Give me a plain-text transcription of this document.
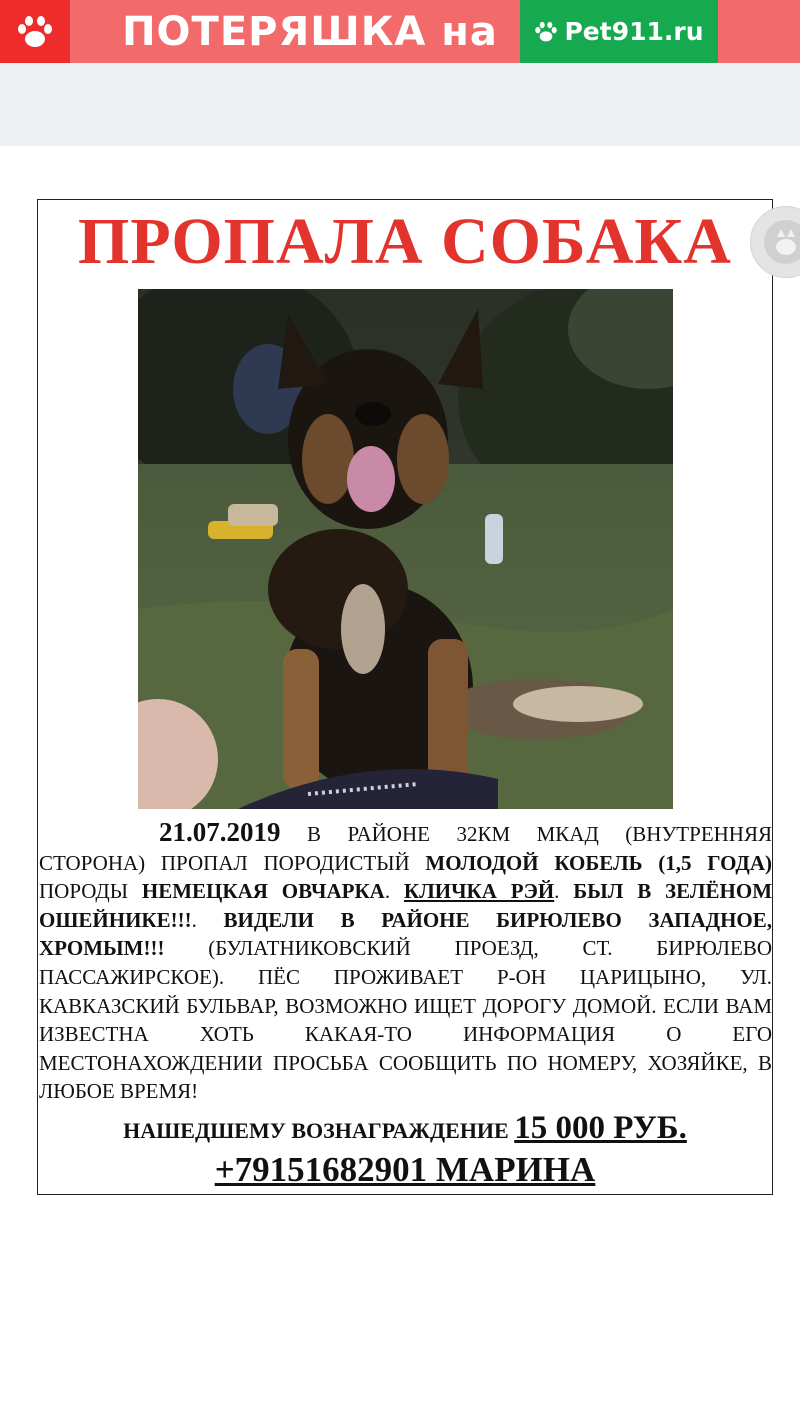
ПОТЕРЯШКА на	Pet911.ru
ПРОПАЛА СОБАКА

21.07.2019 В РАЙОНЕ 32КМ МКАД (ВНУТРЕННЯЯ СТОРОНА) ПРОПАЛ ПОРОДИСТЫЙ МОЛОДОЙ КОБЕЛЬ (1,5 ГОДА) ПОРОДЫ НЕМЕЦКАЯ ОВЧАРКА. КЛИЧКА РЭЙ. БЫЛ В ЗЕЛЁНОМ ОШЕЙНИКЕ!!!. ВИДЕЛИ В РАЙОНЕ БИРЮЛЕВО ЗАПАДНОЕ, ХРОМЫМ!!! (БУЛАТНИКОВСКИЙ ПРОЕЗД, СТ. БИРЮЛЕВО ПАССАЖИРСКОЕ). ПЁС ПРОЖИВАЕТ Р-ОН ЦАРИЦЫНО, УЛ. КАВКАЗСКИЙ БУЛЬВАР, ВОЗМОЖНО ИЩЕТ ДОРОГУ ДОМОЙ. ЕСЛИ ВАМ ИЗВЕСТНА ХОТЬ КАКАЯ-ТО ИНФОРМАЦИЯ О ЕГО МЕСТОНАХОЖДЕНИИ ПРОСЬБА СООБЩИТЬ ПО НОМЕРУ, ХОЗЯЙКЕ, В ЛЮБОЕ ВРЕМЯ!

НАШЕДШЕМУ ВОЗНАГРАЖДЕНИЕ 15 000 РУБ.
+79151682901 МАРИНА
